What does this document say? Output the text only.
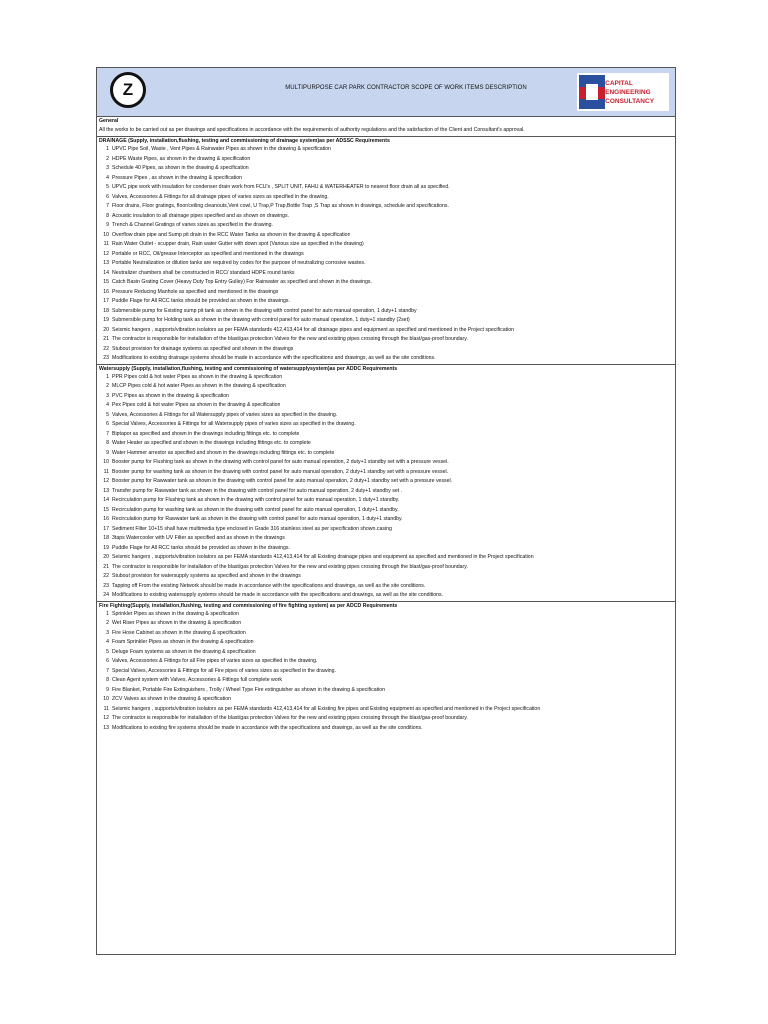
Z	MULTIPURPOSE CAR PARK CONTRACTOR SCOPE OF WORK ITEMS DESCRIPTION
CAPITAL ENGINEERING
CONSULTANCY
General
All the works to be carried out as per drawings and specifications in accordance with the requirements of authority regulations and the satisfaction of the Client and Consultant's approval.
DRAINAGE (Supply, installation,flushing, testing and commissioning of drainage system)as per ADSSC Requirements
1 UPVC Pipe Soil, Waste , Vent Pipes & Rainwater Pipes as shown in the drawing & specification
2 HDPE Waste Pipes, as shown in the drawing & specification
3 Schedule 40 Pipes, as shown in the drawing & specification
4 Pressure Pipes , as shown in the drawing & specification
5 UPVC pipe work with insulation for condenser drain work from FCU's , SPLIT UNIT, FAHU & WATERHEATER to nearest floor drain all as specified.
6 Valves, Accessories & Fittings for all drainage pipes of varies sizes as specified in the drawing.
7 Floor drains, Floor gratings, floor/ceiling cleanouts,Vent cowl, U Trap,P Trap,Bottle Trap ,S Trap as shown in drawings, schedule and specifications.
8 Acoustic insulation to all drainage pipes specified and as shown on drawings.
9 Trench & Channel Gratings of varies sizes as specified in the drawing.
10 Overflow drain pipe and Sump pit drain in the RCC Water Tanks as shown in the drawing & specification
11 Rain Water Outlet - scupper drain, Rain water Gutter with down spot (Various size as specified in the drawing)
12 Portable or RCC, Oil/grease Interceptor as specified and mentioned in the drawings
13 Portable Neutralization or dilution tanks are required by codes for the purpose of neutralizing corrosive wastes.
14 Neutralizer chambers shall be constructed in RCC/ standard HDPE round tanks
15 Catch Basin Grating Cover (Heavy Duty Top Entry Gulley) For Rainwater as specified and shown in the drawings.
16 Pressure Reducing Manhole as specified and mentioned in the drawings
17 Puddle Flage for All RCC tanks should be provided as shown in the drawings.
18 Submersible pump for Existing sump pit tank as shown in the drawing with control panel for auto manual operation, 1 duty+1 standby
19 Submersible pump for Holding tank as shown in the drawing with control panel for auto manual operation, 1 duty+1 standby (2set)
20 Seismic hangers , supports/vibration isolators as per FEMA standards 412,413,414 for all drainage pipes and equipment as specified and mentioned in the Project specification
21 The contractor is responsible for installation of the blast/gas protection Valves for the new and existing pipes crossing through the blast/gas-proof boundary.
22 Stubout provision for drainage systems as specified and shown in the drawings
23 Modifications to existing drainage systems should be made in accordance with the specifications and drawings, as well as the site conditions.
Watersupply (Supply, installation,flushing, testing and commissioning of watersupplysystem)as per ADDC Requirements
1 PPR Pipes cold & hot water Pipes as shown in the drawing & specification
2 MLCP Pipes cold & hot water Pipes as shown in the drawing & specification
3 PVC Pipes as shown in the drawing & specification
4 Pex Pipes cold & hot water Pipes as shown in the drawing & specification
5 Valves, Accessories & Fittings for all Watersupply pipes of varies sizes as specified in the drawing.
6 Special Valves, Accessories & Fittings for all Watersupply pipes of varies sizes as specified in the drawing.
7 Biptapor as specified and shown in the drawings including fittings etc. to complete
8 Water Heater as specified and shown in the drawings including fittings etc. to complete
9 Water Hammer arrestor as specified and shown in the drawings including fittings etc. to complete
10 Booster pump for Flushing tank as shown in the drawing with control panel for auto manual operation, 2 duty+1 standby set with a pressure vessel.
11 Booster pump for washing tank as shown in the drawing with control panel for auto manual operation, 2 duty+1 standby set with a pressure vessel.
12 Booster pump for Rawwater tank as shown in the drawing with control panel for auto manual operation, 2 duty+1 standby set with a pressure vessel.
13 Transfer pump for Rawwater tank as shown in the drawing with control panel for auto manual operation, 2 duty+1 standby set .
14 Recirculation pump for Flushing tank as shown in the drawing with control panel for auto manual operation, 1 duty+1 standby.
15 Recirculation pump for washing tank as shown in the drawing with control panel for auto manual operation, 1 duty+1 standby.
16 Recirculation pump for Rawwater tank as shown in the drawing with control panel for auto manual operation, 1 duty+1 standby.
17 Sediment Filter 10+15 shall have multimedia type enclosed in Grade 316 stainless steel as per specification shown.casing
18 3taps Watercooler with UV Filter as specified and as shown in the drawings
19 Puddle Flage for All RCC tanks should be provided as shown in the drawings.
20 Seismic hangers , supports/vibration isolators as per FEMA standards 412,413,414 for all Existing drainage pipes and equipment as specified and mentioned in the Project specification
21 The contractor is responsible for installation of the blast/gas protection Valves for the new and existing pipes crossing through the blast/gas-proof boundary.
22 Stubout provision for watersupply systems as specified and shown in the drawings
23 Tapping off From the existing Network should be made in accordance with the specifications and drawings, as well as the site conditions.
24 Modifications to existing watersupply systems should be made in accordance with the specifications and drawings, as well as the site conditions.
Fire Fighting(Supply, installation,flushing, testing and commissioning of fire fighting system) as per ADCD Requirements
1 Sprinkler Pipes as shown in the drawing & specification
2 Wet Riser Pipes as shown in the drawing & specification
3 Fire Hose Cabinet as shown in the drawing & specification
4 Foam Sprinkler Pipes as shown in the drawing & specification
5 Deluge Foam systems as shown in the drawing & specification
6 Valves, Accessories & Fittings for all Fire pipes of varies sizes as specified in the drawing.
7 Special Valves, Accessories & Fittings for all Fire pipes of varies sizes as specified in the drawing.
8 Clean Agent system with Valves, Accessories & Fittings full complete work
9 Fire Blanket, Portable Fire Extinguishers , Trolly / Wheel Type Fire extinguisher as shown in the drawing & specification
10 ZCV Valves as shown in the drawing & specification
11 Seismic hangers , supports/vibration isolators as per FEMA standards 412,413,414 for all Existing fire pipes and Existing equipment as specified and mentioned in the Project specification
12 The contractor is responsible for installation of the blast/gas protection Valves for the new and existing pipes crossing through the blast/gas-proof boundary.
13 Modifications to existing fire systems should be made in accordance with the specifications and drawings, as well as the site conditions.
